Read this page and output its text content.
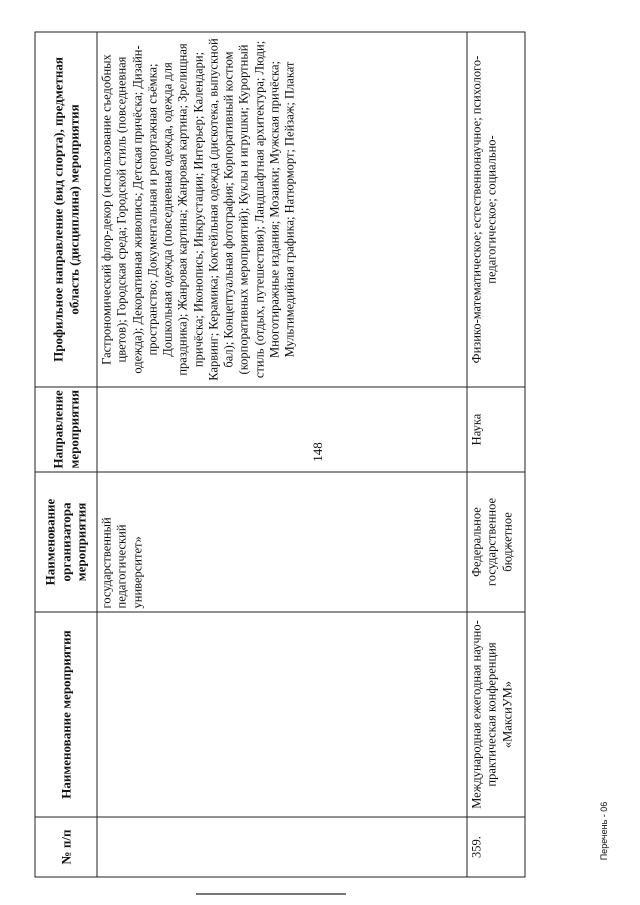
148
Перечень - 06
№ п/п	Наименование мероприятия	Наименование организатора мероприятия	Направление мероприятия	Профильное направление (вид спорта), предметная область (дисциплина) мероприятия
		государственный педагогический университет»		Гастрономический флор-декор (использование съедобных цветов); Городская среда; Городской стиль (повседневная одежда); Декоративная живопись; Детская причёска; Дизайн-пространство; Документальная и репортажная съёмка; Дошкольная одежда (повседневная одежда, одежда для праздника); Жанровая картина; Жанровая картина; Зрелищная причёска; Иконопись; Инкрустации; Интерьер; Календари; Карвинг; Керамика; Коктейльная одежда (дискотека, выпускной бал); Концептуальная фотография; Корпоративный костюм (корпоративных мероприятий); Куклы и игрушки; Курортный стиль (отдых, путешествия); Ландшафтная архитектура; Люди; Многотиражные издания; Мозаики; Мужская причёска; Мультимедийная графика; Натюрморт; Пейзаж; Плакат
359.	Международная ежегодная научно-практическая конференция «МаксиУМ»	Федеральное государственное бюджетное	Наука	Физико-математическое; естественнонаучное; психолого-педагогическое; социально-
